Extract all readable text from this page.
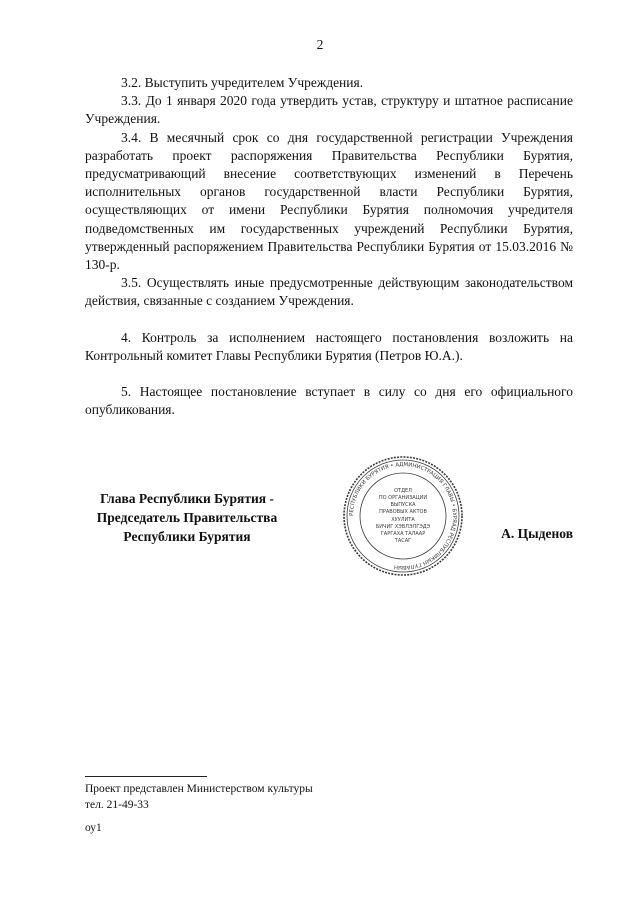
2

3.2. Выступить учредителем Учреждения.

3.3. До 1 января 2020 года утвердить устав, структуру и штатное расписание Учреждения.

3.4. В месячный срок со дня государственной регистрации Учреждения разработать проект распоряжения Правительства Республики Бурятия, предусматривающий внесение соответствующих изменений в Перечень исполнительных органов государственной власти Республики Бурятия, осуществляющих от имени Республики Бурятия полномочия учредителя подведомственных им государственных учреждений Республики Бурятия, утвержденный распоряжением Правительства Республики Бурятия от 15.03.2016 № 130-р.

3.5. Осуществлять иные предусмотренные действующим законодательством действия, связанные с созданием Учреждения.

4. Контроль за исполнением настоящего постановления возложить на Контрольный комитет Главы Республики Бурятия (Петров Ю.А.).

5. Настоящее постановление вступает в силу со дня его официального опубликования.

Глава Республики Бурятия -
Председатель Правительства
Республики Бурятия
РЕСПУБЛИКИ БУРЯТИЯ • АДМИНИСТРАЦИЯ ГЛАВЫ • БУРЯАД РЕСПУБЛИКЫН ГУЛАВЫН
ОТДЕЛ
ПО ОРГАНИЗАЦИИ
ВЫПУСКА
ПРАВОВЫХ АКТОВ
ХУУЛИТА
БИЧИГ ХЭВЛЭЛГЭДЭ
ГАРГАХА ТАЛААР
ТАСАГ	А. Цыденов
Проект представлен Министерством культуры
тел. 21-49-33
оу1
